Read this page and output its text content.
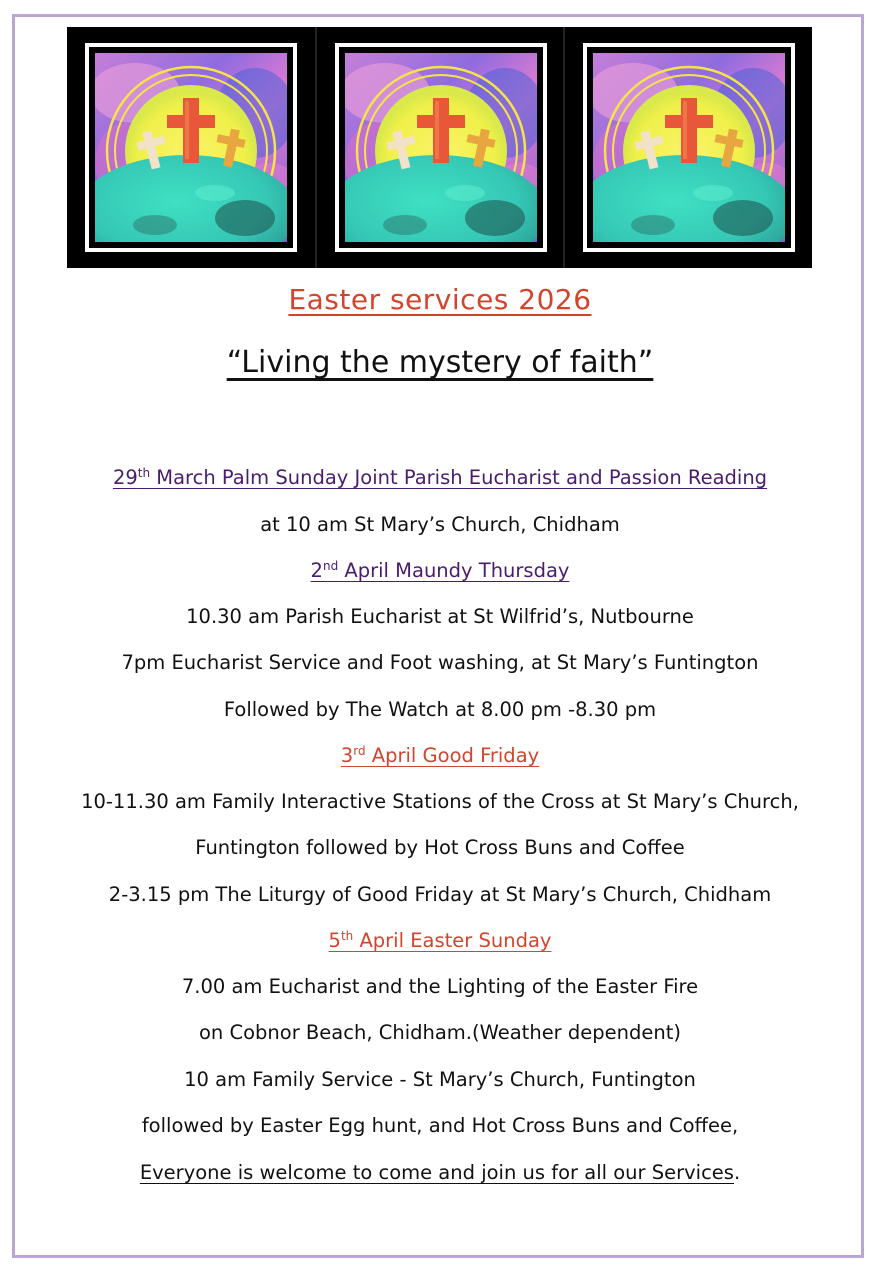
Easter services 2026
“Living the mystery of faith”
29th March Palm Sunday Joint Parish Eucharist and Passion Reading
at 10 am St Mary’s Church, Chidham
2nd April Maundy Thursday
10.30 am Parish Eucharist at St Wilfrid’s, Nutbourne
7pm Eucharist Service and Foot washing, at St Mary’s Funtington
Followed by The Watch at 8.00 pm -8.30 pm
3rd April Good Friday
10-11.30 am Family Interactive Stations of the Cross at St Mary’s Church,
Funtington followed by Hot Cross Buns and Coffee
2-3.15 pm The Liturgy of Good Friday at St Mary’s Church, Chidham
5th April Easter Sunday
7.00 am Eucharist and the Lighting of the Easter Fire
on Cobnor Beach, Chidham.(Weather dependent)
10 am Family Service - St Mary’s Church, Funtington
followed by Easter Egg hunt, and Hot Cross Buns and Coffee,
Everyone is welcome to come and join us for all our Services.
